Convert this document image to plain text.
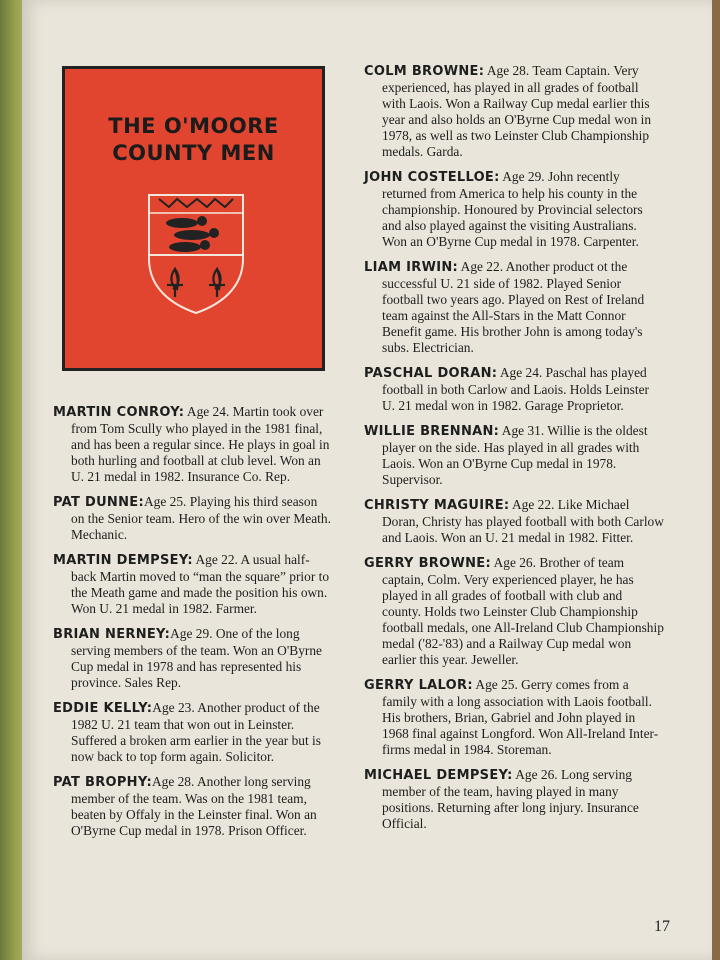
THE O'MOORE
COUNTY MEN

MARTIN CONROY: Age 24. Martin took over from Tom Scully who played in the 1981 final, and has been a regular since. He plays in goal in both hurling and football at club level. Won an U. 21 medal in 1982. Insurance Co. Rep.

PAT DUNNE:Age 25. Playing his third season on the Senior team. Hero of the win over Meath. Mechanic.

MARTIN DEMPSEY: Age 22. A usual half-back Martin moved to “man the square” prior to the Meath game and made the position his own. Won U. 21 medal in 1982. Farmer.

BRIAN NERNEY:Age 29. One of the long serving members of the team. Won an O'Byrne Cup medal in 1978 and has represented his province. Sales Rep.

EDDIE KELLY:Age 23. Another product of the 1982 U. 21 team that won out in Leinster. Suffered a broken arm earlier in the year but is now back to top form again. Solicitor.

PAT BROPHY:Age 28. Another long serving member of the team. Was on the 1981 team, beaten by Offaly in the Leinster final. Won an O'Byrne Cup medal in 1978. Prison Officer.

COLM BROWNE: Age 28. Team Captain. Very experienced, has played in all grades of football with Laois. Won a Railway Cup medal earlier this year and also holds an O'Byrne Cup medal won in 1978, as well as two Leinster Club Championship medals. Garda.

JOHN COSTELLOE: Age 29. John recently returned from America to help his county in the championship. Honoured by Provincial selectors and also played against the visiting Australians. Won an O'Byrne Cup medal in 1978. Carpenter.

LIAM IRWIN: Age 22. Another product ot the successful U. 21 side of 1982. Played Senior football two years ago. Played on Rest of Ireland team against the All-Stars in the Matt Connor Benefit game. His brother John is among today's subs. Electrician.

PASCHAL DORAN: Age 24. Paschal has played football in both Carlow and Laois. Holds Leinster U. 21 medal won in 1982. Garage Proprietor.

WILLIE BRENNAN: Age 31. Willie is the oldest player on the side. Has played in all grades with Laois. Won an O'Byrne Cup medal in 1978. Supervisor.

CHRISTY MAGUIRE: Age 22. Like Michael Doran, Christy has played football with both Carlow and Laois. Won an U. 21 medal in 1982. Fitter.

GERRY BROWNE: Age 26. Brother of team captain, Colm. Very experienced player, he has played in all grades of football with club and county. Holds two Leinster Club Championship football medals, one All-Ireland Club Championship medal ('82-'83) and a Railway Cup medal won earlier this year. Jeweller.

GERRY LALOR: Age 25. Gerry comes from a family with a long association with Laois football. His brothers, Brian, Gabriel and John played in 1968 final against Longford. Won All-Ireland Inter-firms medal in 1984. Storeman.

MICHAEL DEMPSEY: Age 26. Long serving member of the team, having played in many positions. Returning after long injury. Insurance Official.

17
